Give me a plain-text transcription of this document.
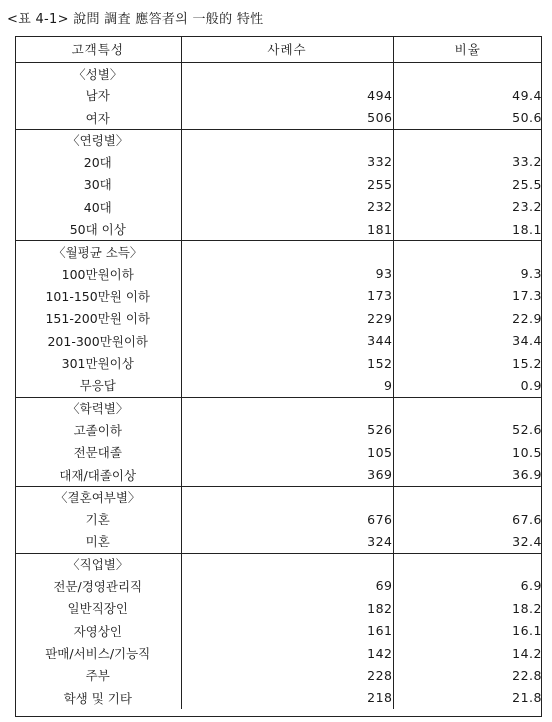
<표 4-1> 說問 調査 應答者의 一般的 特性
고객특성	사례수	비율
〈성별〉		
남자	494	49.4
여자	506	50.6
〈연령별〉		
20대	332	33.2
30대	255	25.5
40대	232	23.2
50대 이상	181	18.1
〈월평균 소득〉		
100만원이하	93	9.3
101-150만원 이하	173	17.3
151-200만원 이하	229	22.9
201-300만원이하	344	34.4
301만원이상	152	15.2
무응답	9	0.9
〈학력별〉		
고졸이하	526	52.6
전문대졸	105	10.5
대재/대졸이상	369	36.9
〈결혼여부별〉		
기혼	676	67.6
미혼	324	32.4
〈직업별〉		
전문/경영관리직	69	6.9
일반직장인	182	18.2
자영상인	161	16.1
판매/서비스/기능직	142	14.2
주부	228	22.8
학생 및 기타	218	21.8
